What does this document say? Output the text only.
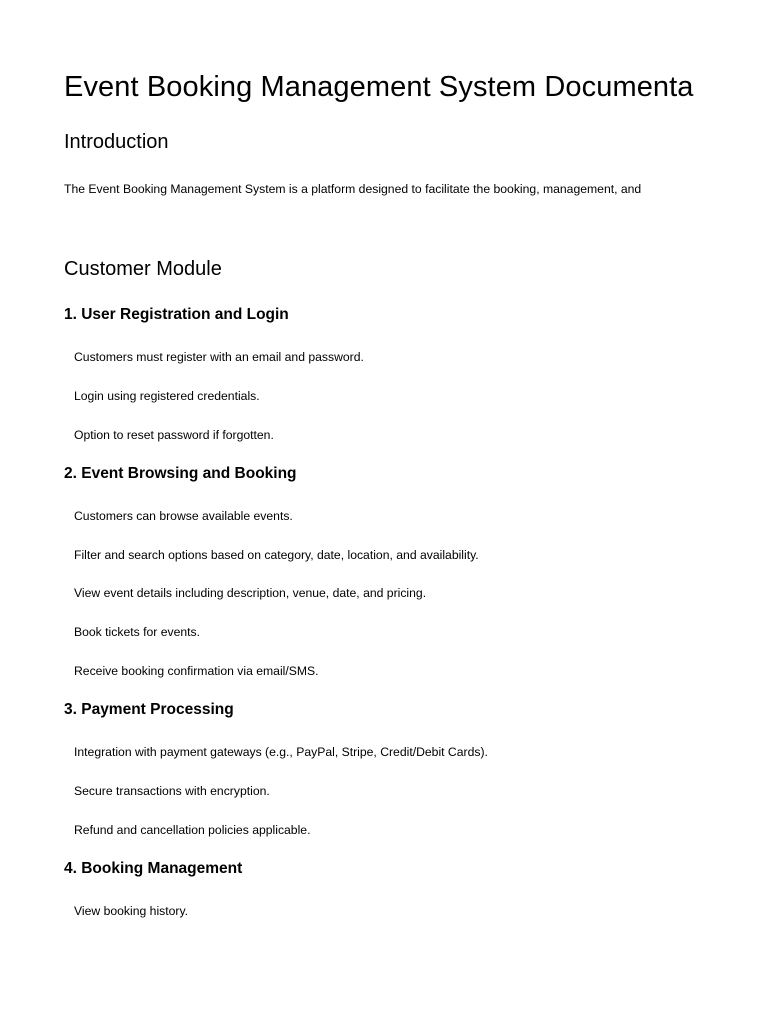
Event Booking Management System Documenta
Introduction

The Event Booking Management System is a platform designed to facilitate the booking, management, and

Customer Module
1. User Registration and Login

Customers must register with an email and password.

Login using registered credentials.

Option to reset password if forgotten.

2. Event Browsing and Booking

Customers can browse available events.

Filter and search options based on category, date, location, and availability.

View event details including description, venue, date, and pricing.

Book tickets for events.

Receive booking confirmation via email/SMS.

3. Payment Processing

Integration with payment gateways (e.g., PayPal, Stripe, Credit/Debit Cards).

Secure transactions with encryption.

Refund and cancellation policies applicable.

4. Booking Management

View booking history.
